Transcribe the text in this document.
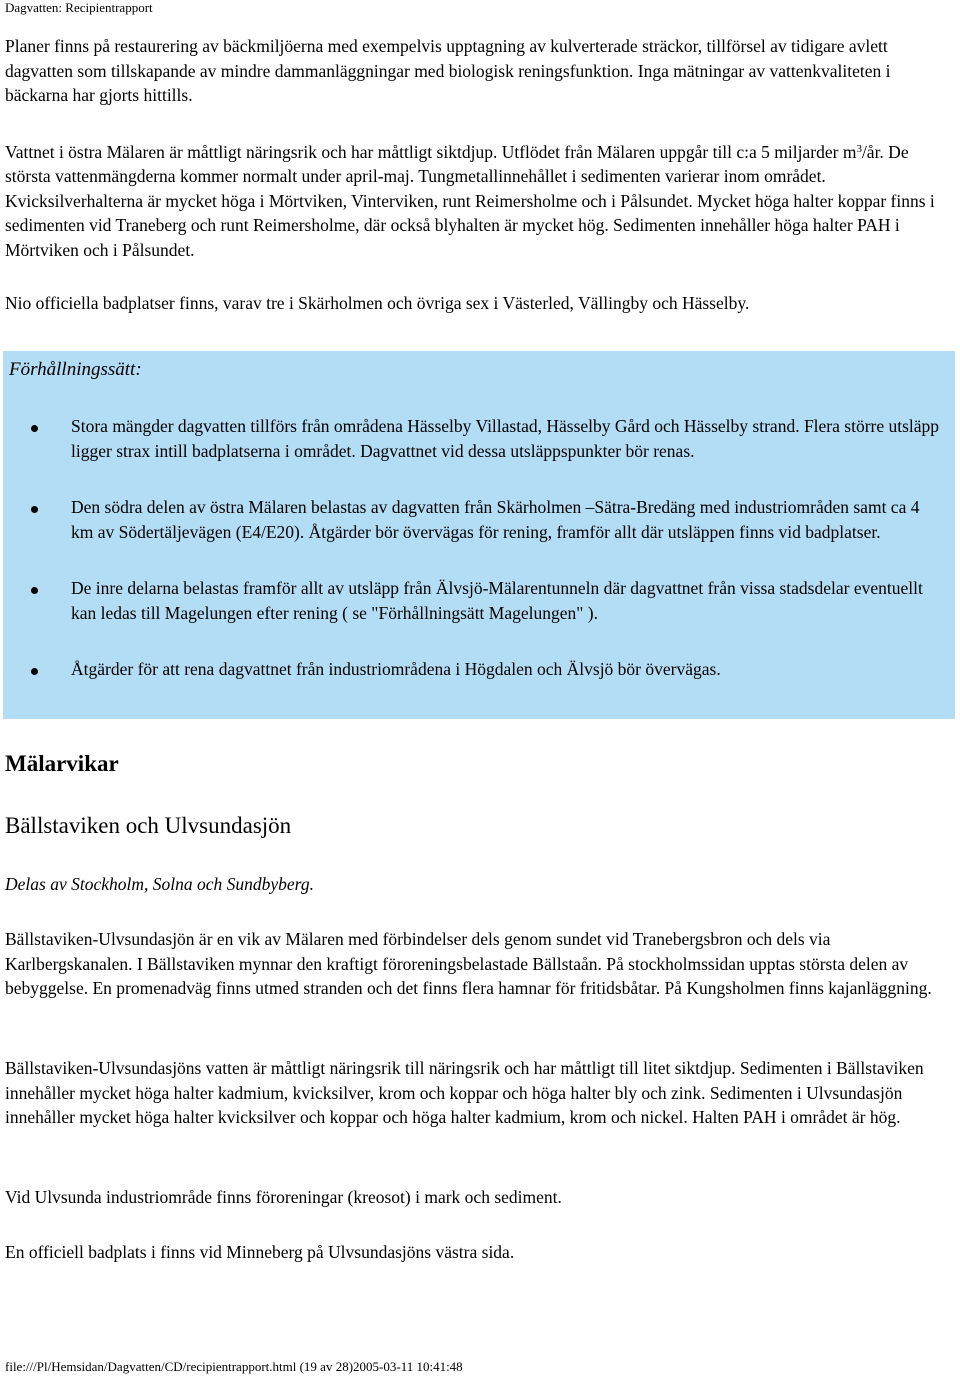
Dagvatten: Recipientrapport

Planer finns på restaurering av bäckmiljöerna med exempelvis upptagning av kulverterade sträckor, tillförsel av tidigare avlett dagvatten som tillskapande av mindre dammanläggningar med biologisk reningsfunktion. Inga mätningar av vattenkvaliteten i bäckarna har gjorts hittills.

Vattnet i östra Mälaren är måttligt näringsrik och har måttligt siktdjup. Utflödet från Mälaren uppgår till c:a 5 miljarder $m^3/år$. De största vattenmängderna kommer normalt under april-maj. Tungmetallinnehållet i sedimenten varierar inom området. Kvicksilverhalterna är mycket höga i Mörtviken, Vinterviken, runt Reimersholme och i Pålsundet. Mycket höga halter koppar finns i sedimenten vid Traneberg och runt Reimersholme, där också blyhalten är mycket hög. Sedimenten innehåller höga halter PAH i Mörtviken och i Pålsundet.

Nio officiella badplatser finns, varav tre i Skärholmen och övriga sex i Västerled, Vällingby och Hässelby.

Förhållningssätt:
Stora mängder dagvatten tillförs från områdena Hässelby Villastad, Hässelby Gård och Hässelby strand. Flera större utsläpp ligger strax intill badplatserna i området. Dagvattnet vid dessa utsläppspunkter bör renas.
Den södra delen av östra Mälaren belastas av dagvatten från Skärholmen –Sätra-Bredäng med industriområden samt ca 4 km av Södertäljevägen (E4/E20). Åtgärder bör övervägas för rening, framför allt där utsläppen finns vid badplatser.
De inre delarna belastas framför allt av utsläpp från Älvsjö-Mälarentunneln där dagvattnet från vissa stadsdelar eventuellt kan ledas till Magelungen efter rening ( se "Förhållningsätt Magelungen" ).
Åtgärder för att rena dagvattnet från industriområdena i Högdalen och Älvsjö bör övervägas.
Mälarvikar
Bällstaviken och Ulvsundasjön
Delas av Stockholm, Solna och Sundbyberg.
Bällstaviken-Ulvsundasjön är en vik av Mälaren med förbindelser dels genom sundet vid Tranebergsbron och dels via Karlbergskanalen. I Bällstaviken mynnar den kraftigt föroreningsbelastade Bällstaån. På stockholmssidan upptas största delen av bebyggelse. En promenadväg finns utmed stranden och det finns flera hamnar för fritidsbåtar. På Kungsholmen finns kajanläggning.
Bällstaviken-Ulvsundasjöns vatten är måttligt näringsrik till näringsrik och har måttligt till litet siktdjup. Sedimenten i Bällstaviken innehåller mycket höga halter kadmium, kvicksilver, krom och koppar och höga halter bly och zink. Sedimenten i Ulvsundasjön innehåller mycket höga halter kvicksilver och koppar och höga halter kadmium, krom och nickel. Halten PAH i området är hög.
Vid Ulvsunda industriområde finns föroreningar (kreosot) i mark och sediment.
En officiell badplats i finns vid Minneberg på Ulvsundasjöns västra sida.
file:///Pl/Hemsidan/Dagvatten/CD/recipientrapport.html (19 av 28)2005-03-11 10:41:48
